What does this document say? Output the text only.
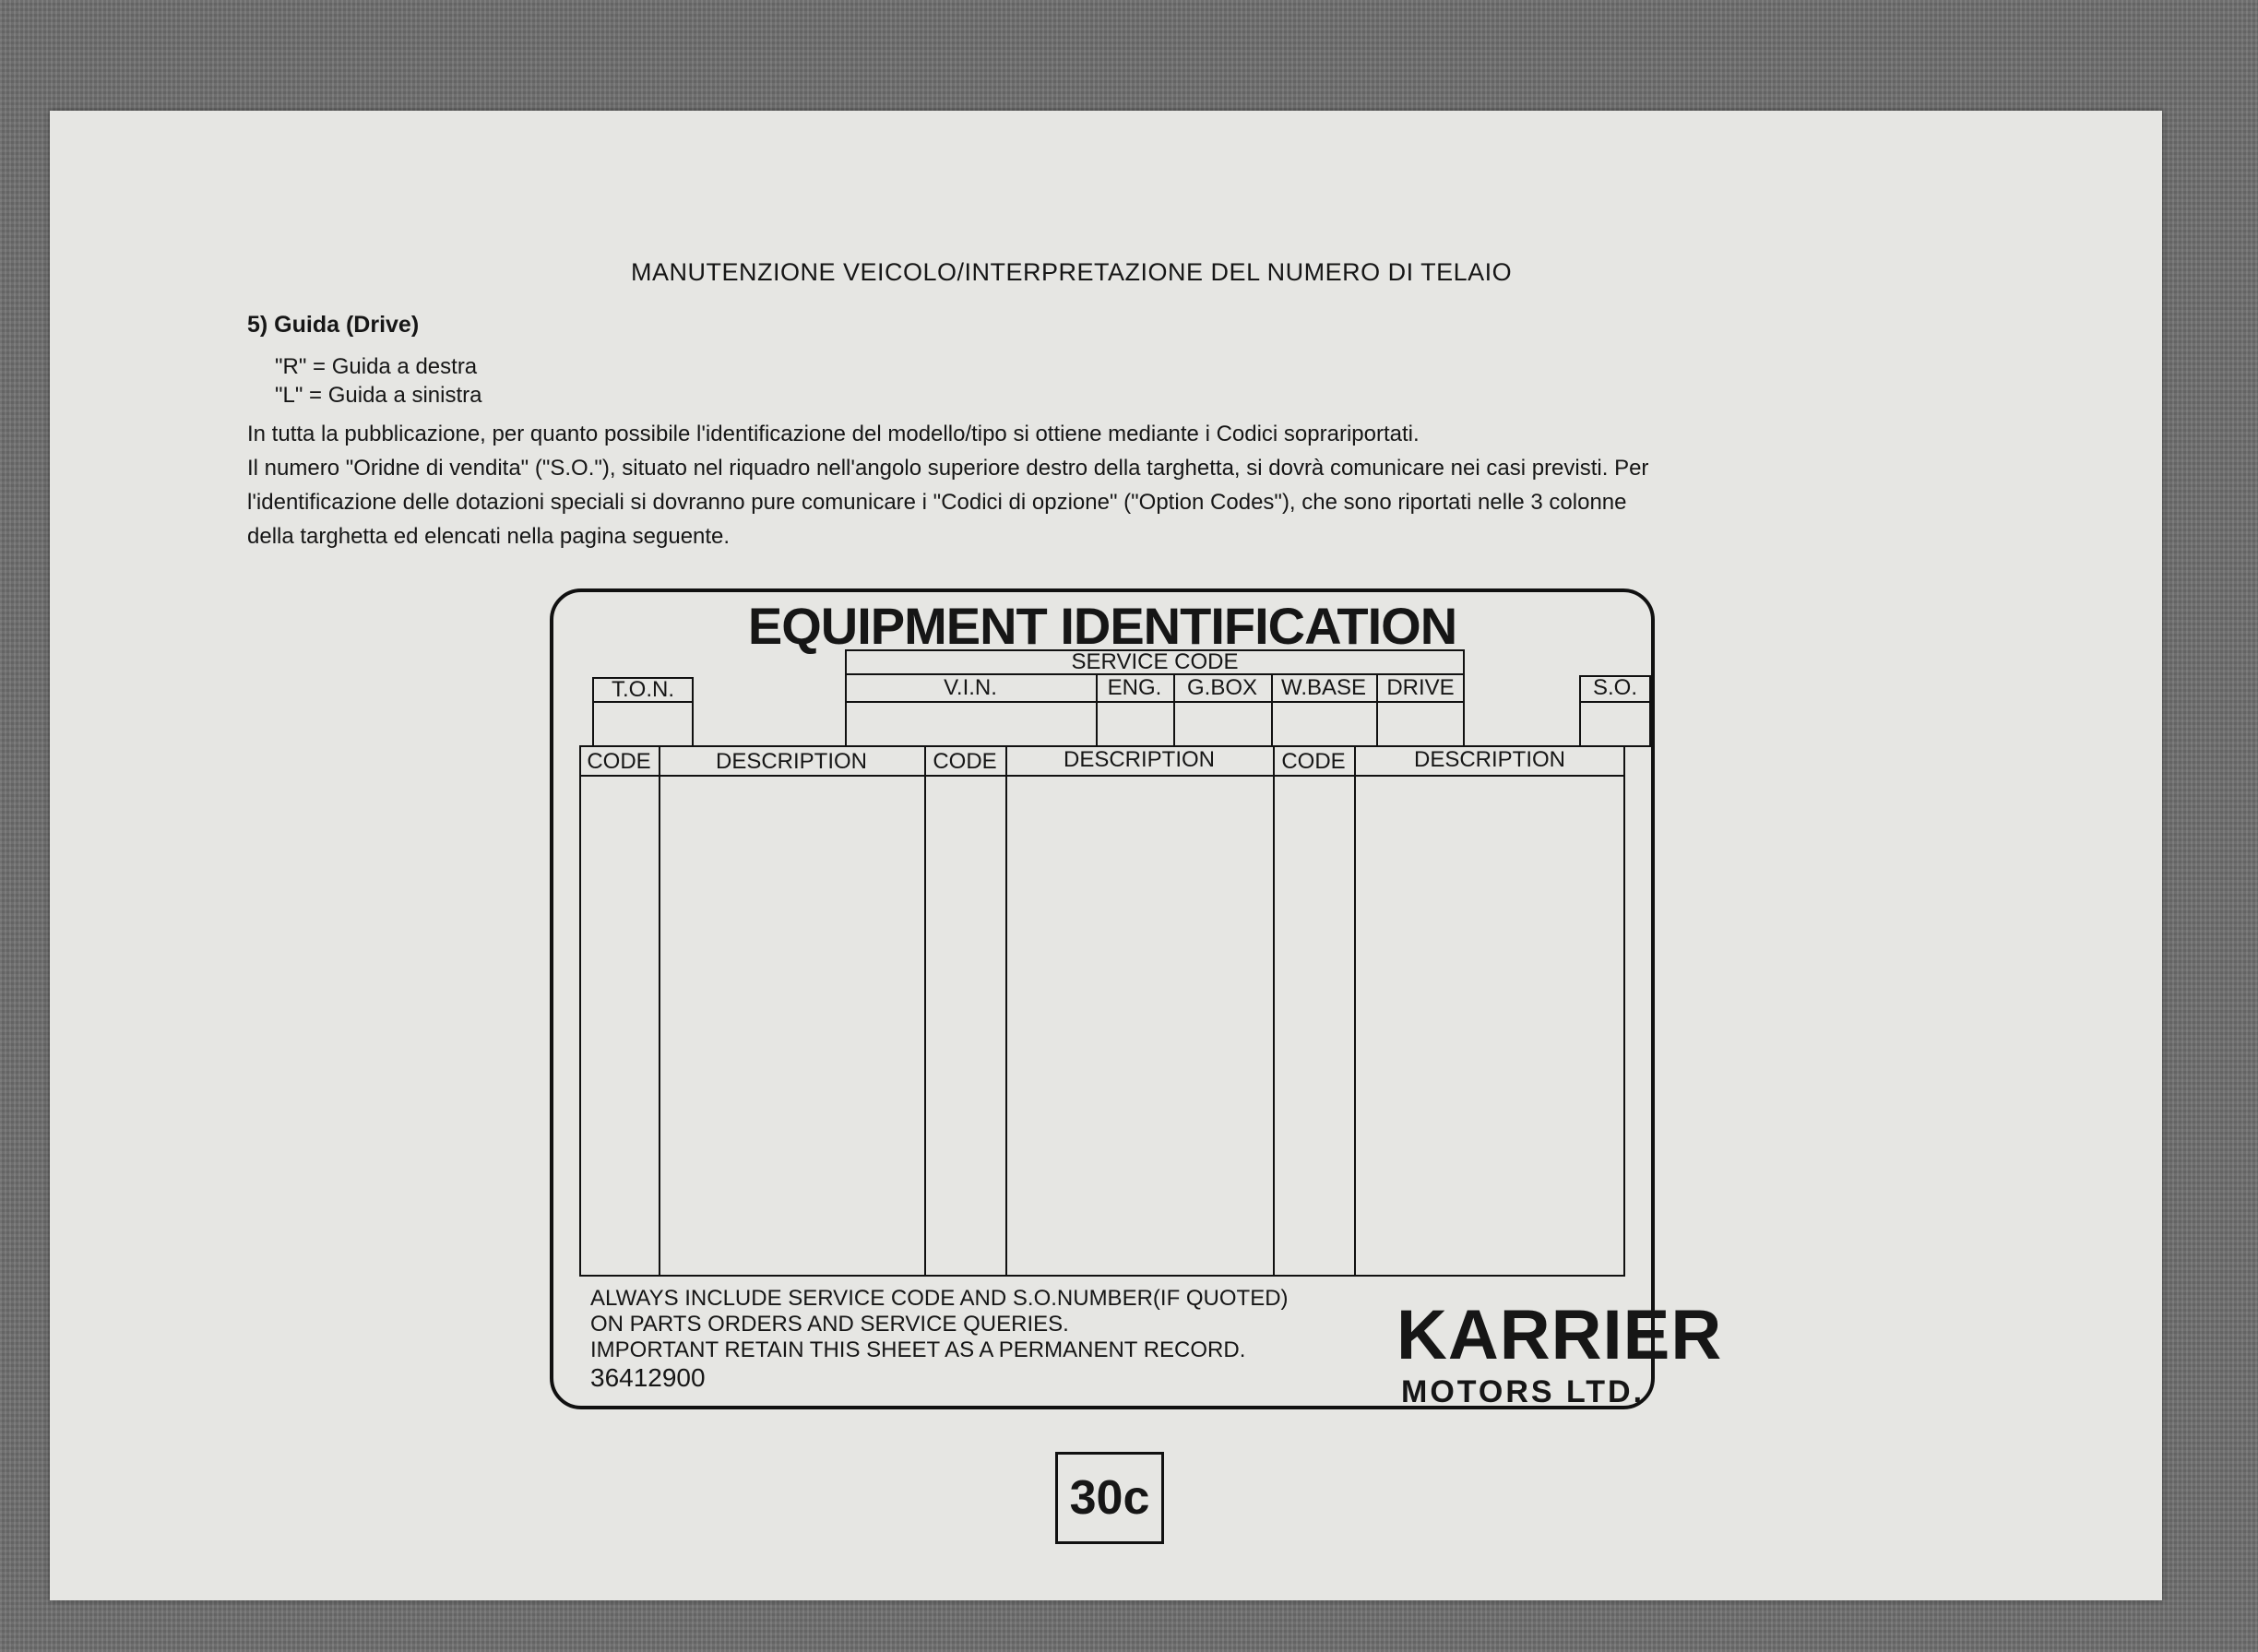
MANUTENZIONE VEICOLO/INTERPRETAZIONE DEL NUMERO DI TELAIO
5) Guida (Drive)
"R" = Guida a destra
"L" = Guida a sinistra
In tutta la pubblicazione, per quanto possibile l'identificazione del modello/tipo si ottiene mediante i Codici soprariportati.
Il numero "Oridne di vendita" ("S.O."), situato nel riquadro nell'angolo superiore destro della targhetta, si dovrà comunicare nei casi previsti. Per
l'identificazione delle dotazioni speciali si dovranno pure comunicare i "Codici di opzione" ("Option Codes"), che sono riportati nelle 3 colonne
della targhetta ed elencati nella pagina seguente.
EQUIPMENT IDENTIFICATION
SERVICE CODE
V.I.N.	ENG.	G.BOX	W.BASE DRIVE
T.O.N.	S.O.
CODE	DESCRIPTION	CODE	DESCRIPTION	CODE	DESCRIPTION
ALWAYS INCLUDE SERVICE CODE AND S.O.NUMBER(IF QUOTED)
ON PARTS ORDERS AND SERVICE QUERIES.
IMPORTANT RETAIN THIS SHEET AS A PERMANENT RECORD.
36412900
KARRIER
MOTORS LTD.
30c
